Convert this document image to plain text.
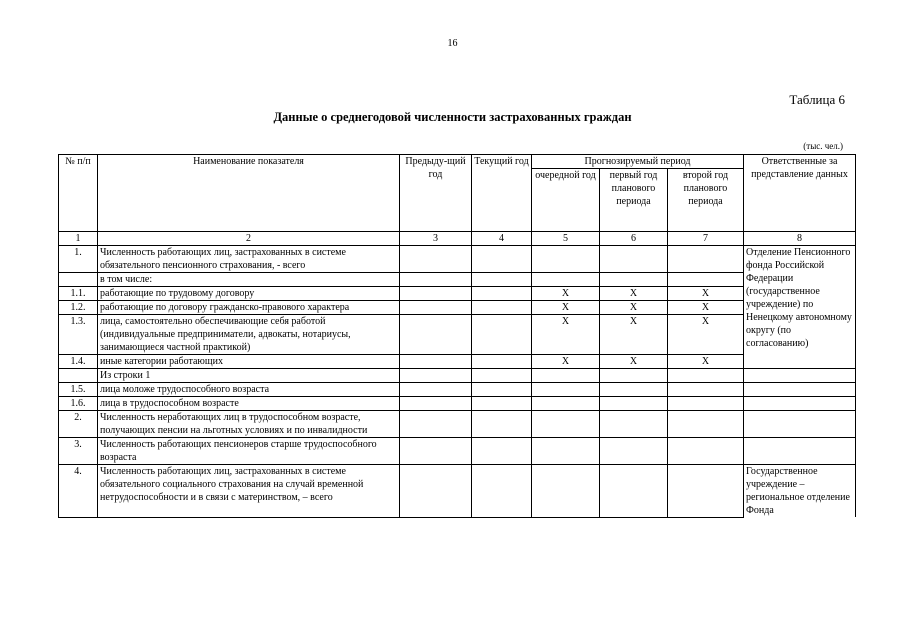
16
Таблица 6
Данные о среднегодовой численности застрахованных граждан
(тыс. чел.)
№ п/п	Наименование показателя	Предыду-щий год	Текущий год	Прогнозируемый период			Ответственные за представление данных
				очередной год	первый год планового периода	второй год планового периода	
1	2	3	4	5	6	7	8
1.	Численность работающих лиц, застрахованных в системе обязательного пенсионного страхования, - всего						Отделение Пенсионного фонда Российской Федерации (государственное учреждение) по Ненецкому автономному округу (по согласованию)
	в том числе:						
1.1.	работающие по трудовому договору			Х	Х	Х	
1.2.	работающие по договору гражданско-правового характера			Х	Х	Х	
1.3.	лица, самостоятельно обеспечивающие себя работой (индивидуальные предприниматели, адвокаты, нотариусы, занимающиеся частной практикой)			Х	Х	Х	
1.4.	иные категории работающих			Х	Х	Х	
	Из строки 1						
1.5.	лица моложе трудоспособного возраста						
1.6.	лица в трудоспособном возрасте						
2.	Численность неработающих лиц в трудоспособном возрасте, получающих пенсии на льготных условиях и по инвалидности						
3.	Численность работающих пенсионеров старше трудоспособного возраста						
4.	Численность работающих лиц, застрахованных в системе обязательного социального страхования на случай временной нетрудоспособности и в связи с материнством, – всего						Государственное учреждение – региональное отделение Фонда
